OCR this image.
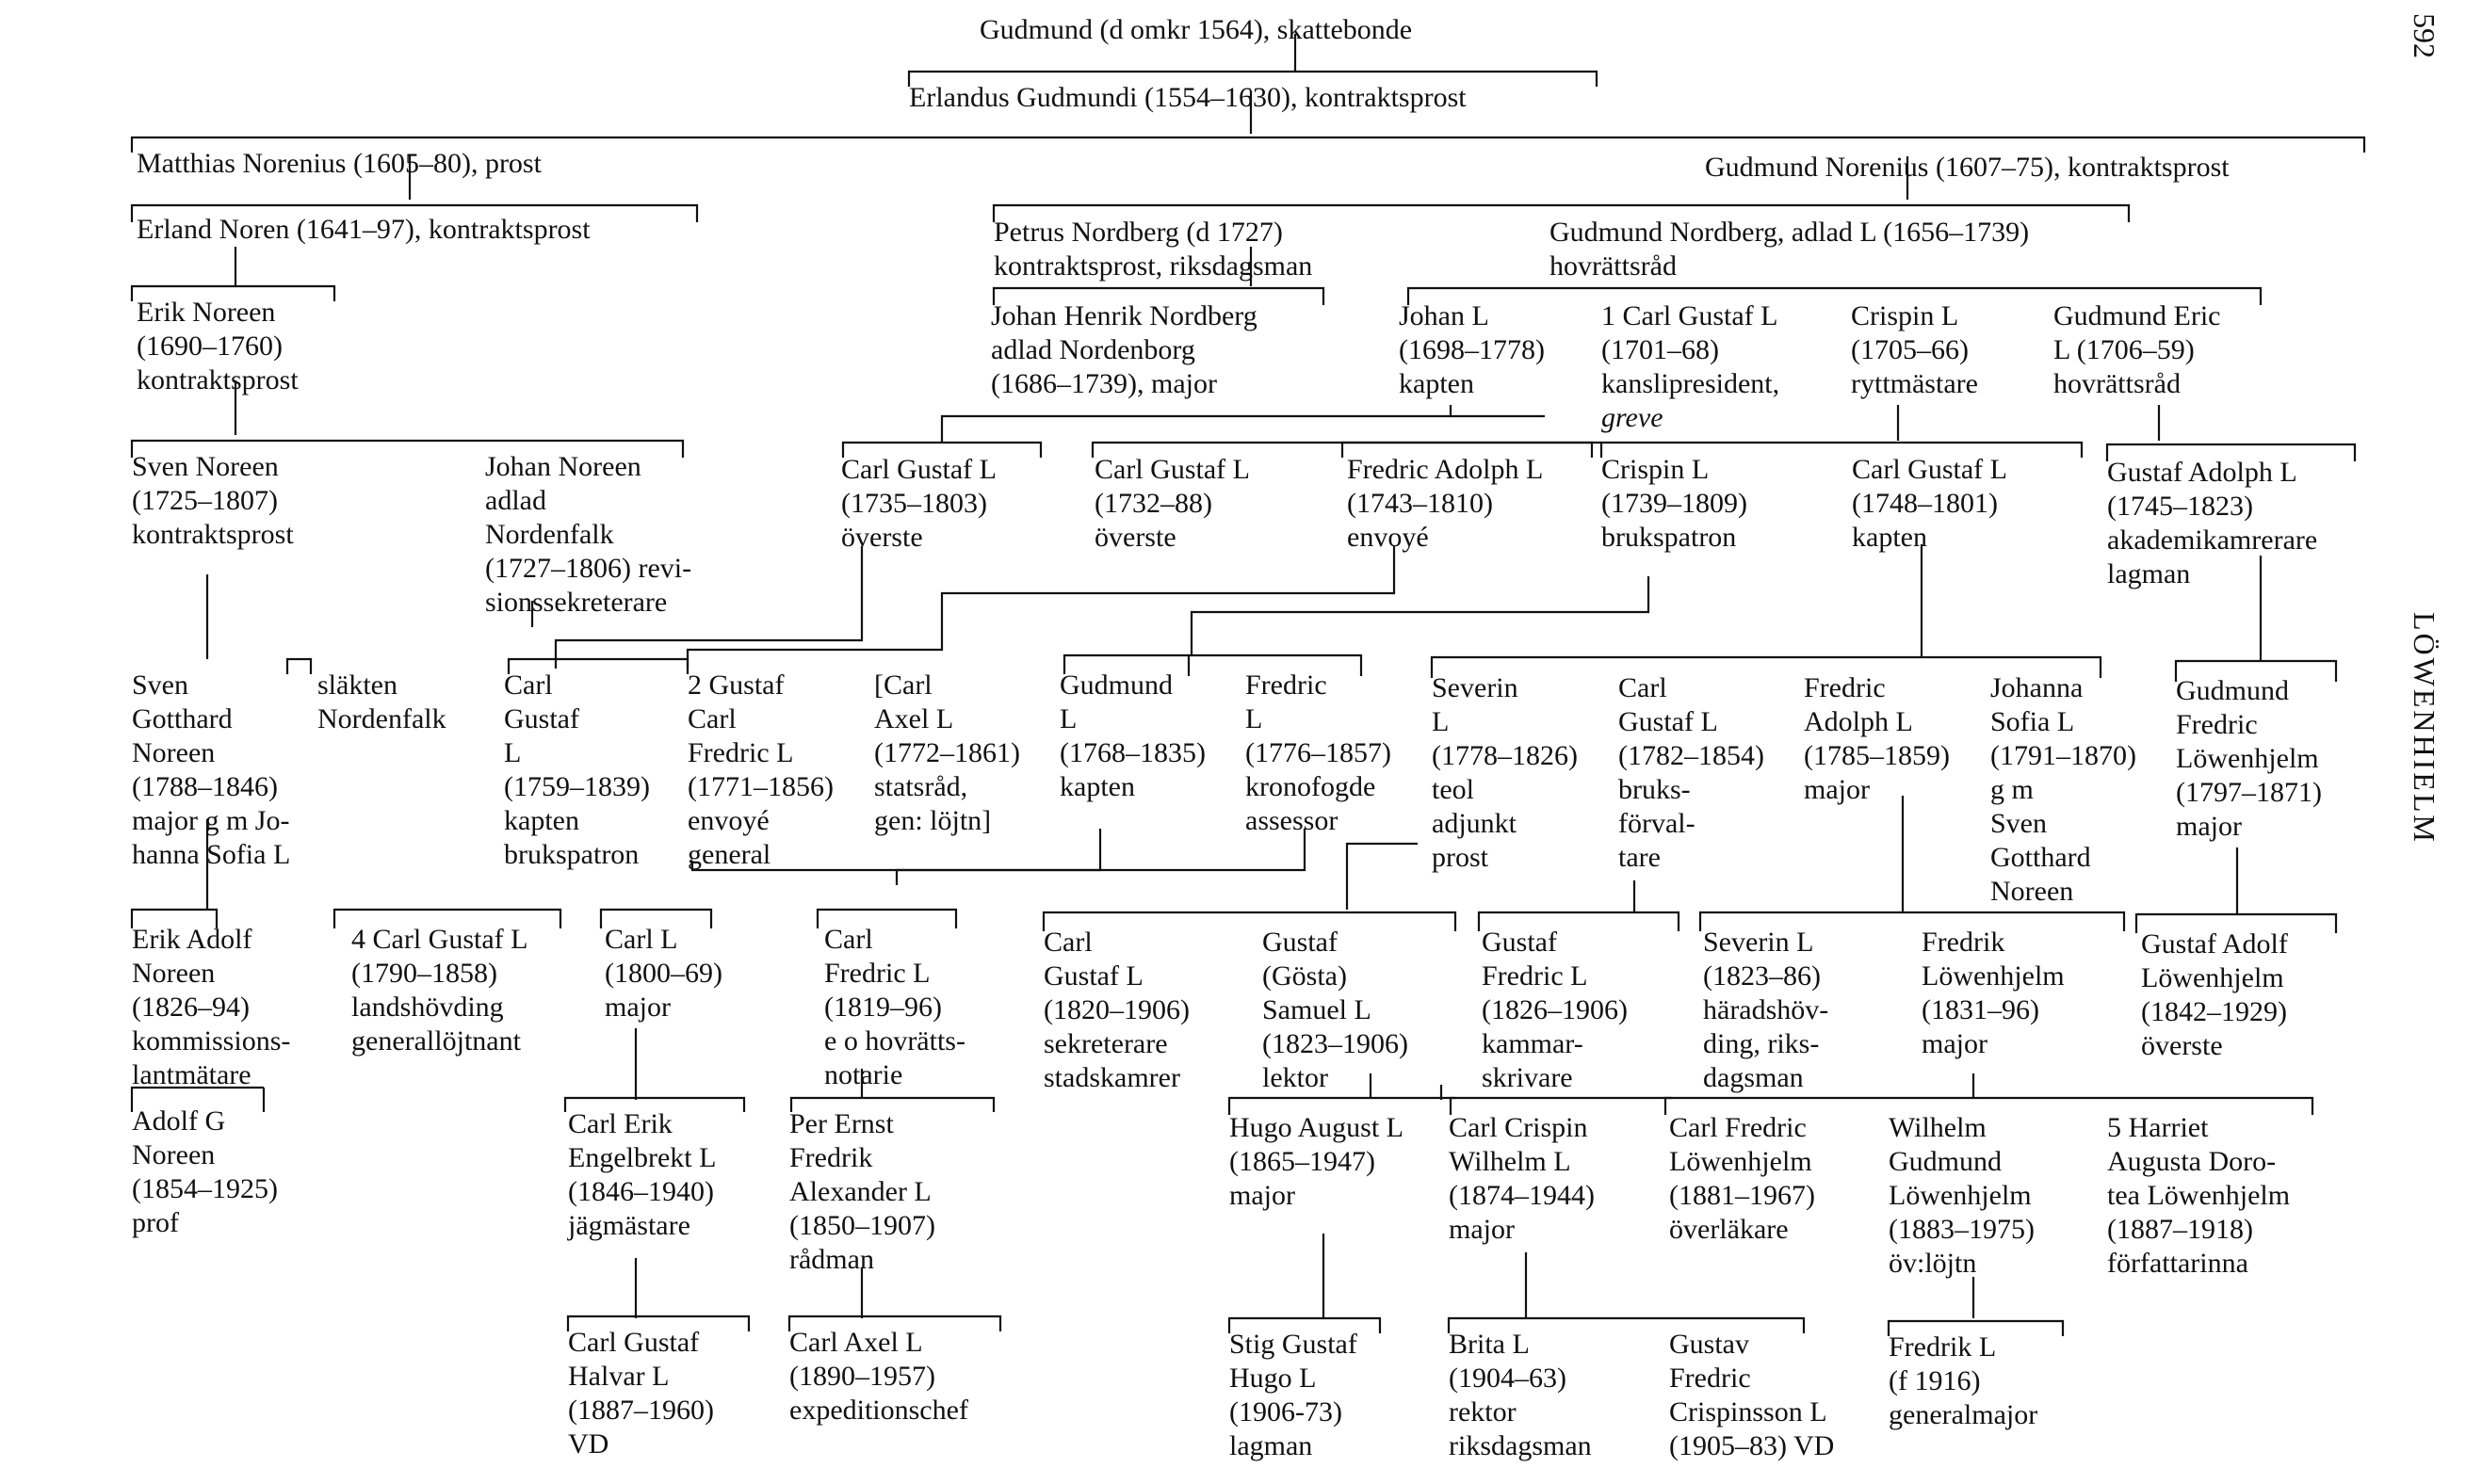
Gudmund (d omkr 1564), skattebonde
Erlandus Gudmundi (1554–1630), kontraktsprost
Matthias Norenius (1605–80), prost	Gudmund Norenius (1607–75), kontraktsprost
Erland Noren (1641–97), kontraktsprost	Petrus Nordberg (d 1727)
kontraktsprost, riksdagsman
Gudmund Nordberg, adlad L (1656–1739)
hovrättsråd
Erik Noreen
(1690–1760)
kontraktsprost
Johan Henrik Nordberg
adlad Nordenborg
(1686–1739), major
Johan L
(1698–1778)
kapten
1 Carl Gustaf L
(1701–68)
kanslipresident,
greve
Crispin L
(1705–66)
ryttmästare
Gudmund Eric
L (1706–59)
hovrättsråd
Sven Noreen
(1725–1807)
kontraktsprost
Johan Noreen
adlad
Nordenfalk
(1727–1806) revi-
sionssekreterare
Carl Gustaf L
(1735–1803)
överste
Carl Gustaf L
(1732–88)
överste
Fredric Adolph L
(1743–1810)
envoyé
Crispin L
(1739–1809)
brukspatron
Carl Gustaf L
(1748–1801)
kapten
Gustaf Adolph L
(1745–1823)
akademikamrerare
lagman
Sven
Gotthard
Noreen
(1788–1846)
major g m Jo-
hanna Sofia L
släkten
Nordenfalk
Carl
Gustaf
L
(1759–1839)
kapten
brukspatron
2 Gustaf
Carl
Fredric L
(1771–1856)
envoyé
general
[Carl
Axel L
(1772–1861)
statsråd,
gen: löjtn]
Gudmund
L
(1768–1835)
kapten
Fredric
L
(1776–1857)
kronofogde
assessor
Severin
L
(1778–1826)
teol
adjunkt
prost
Carl
Gustaf L
(1782–1854)
bruks-
förval-
tare
Fredric
Adolph L
(1785–1859)
major
Johanna
Sofia L
(1791–1870)
g m
Sven
Gotthard
Noreen
Gudmund
Fredric
Löwenhjelm
(1797–1871)
major
Erik Adolf
Noreen
(1826–94)
kommissions-
lantmätare
4 Carl Gustaf L
(1790–1858)
landshövding
generallöjtnant
Carl L
(1800–69)
major
Carl
Fredric L
(1819–96)
e o hovrätts-
notarie
Carl
Gustaf L
(1820–1906)
sekreterare
stadskamrer
Gustaf
(Gösta)
Samuel L
(1823–1906)
lektor
Gustaf
Fredric L
(1826–1906)
kammar-
skrivare
Severin L
(1823–86)
häradshöv-
ding, riks-
dagsman
Fredrik
Löwenhjelm
(1831–96)
major
Gustaf Adolf
Löwenhjelm
(1842–1929)
överste
Adolf G
Noreen
(1854–1925)
prof
Carl Erik
Engelbrekt L
(1846–1940)
jägmästare
Per Ernst
Fredrik
Alexander L
(1850–1907)
rådman
Hugo August L
(1865–1947)
major
Carl Crispin
Wilhelm L
(1874–1944)
major
Carl Fredric
Löwenhjelm
(1881–1967)
överläkare
Wilhelm
Gudmund
Löwenhjelm
(1883–1975)
öv:löjtn
5 Harriet
Augusta Doro-
tea Löwenhjelm
(1887–1918)
författarinna
Carl Gustaf
Halvar L
(1887–1960)
VD
Carl Axel L
(1890–1957)
expeditionschef
Stig Gustaf
Hugo L
(1906-73)
lagman
Brita L
(1904–63)
rektor
riksdagsman
Gustav
Fredric
Crispinsson L
(1905–83) VD
Fredrik L
(f 1916)
generalmajor
592
LÖWENHIELM
